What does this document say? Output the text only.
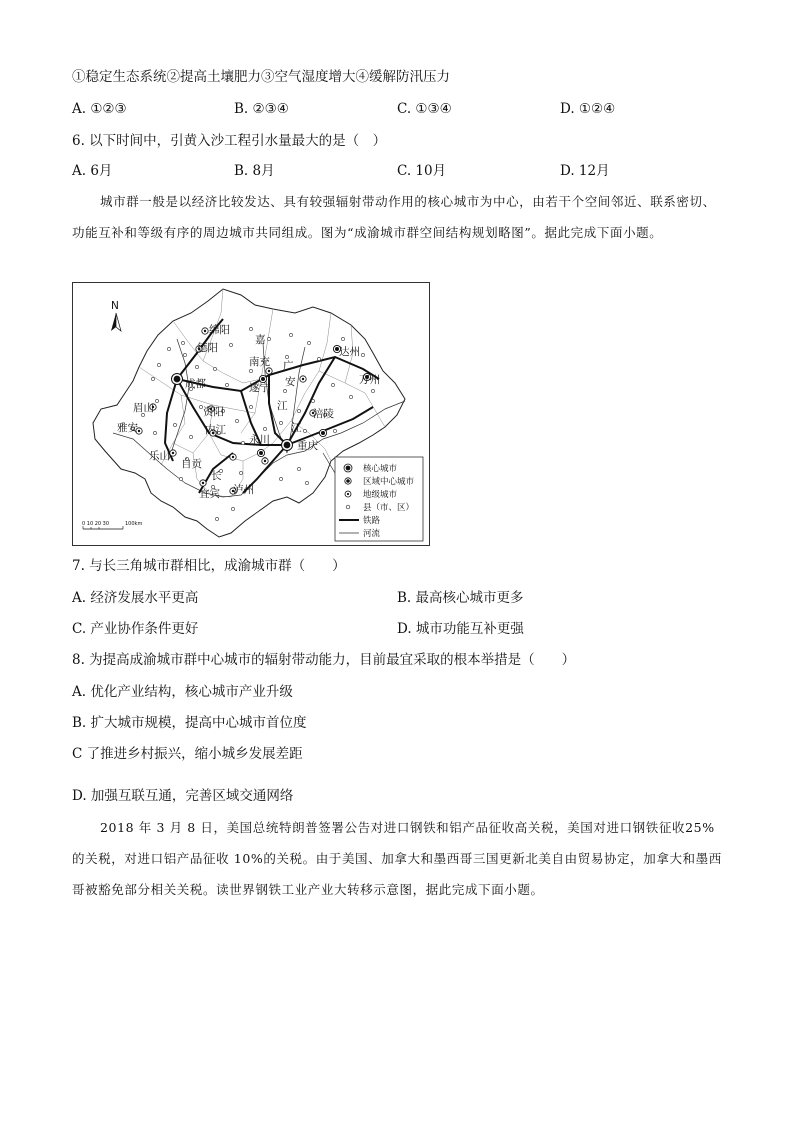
①稳定生态系统②提高土壤肥力③空气湿度增大④缓解防汛压力
A. ①②③	B. ②③④	C. ①③④	D. ①②④
6. 以下时间中，引黄入沙工程引水量最大的是（　）
A. 6月	B. 8月	C. 10月	D. 12月
城市群一般是以经济比较发达、具有较强辐射带动作用的核心城市为中心，由若干个空间邻近、联系密切、功能互补和等级有序的周边城市共同组成。图为“成渝城市群空间结构规划略图”。据此完成下面小题。
N
绵阳
德阳
嘉
南充
达州
成都	遂宁
广
安	万州
眉山	资阳	涪陵
雅安
江
内江	江
永川	重庆
乐山
自贡
长
宜宾 泸州
核心城市
区域中心城市
地级城市
县（市、区）
铁路
河流
0 10 20 30	100km
7. 与长三角城市群相比，成渝城市群（　　）
A. 经济发展水平更高	B. 最高核心城市更多
C. 产业协作条件更好	D. 城市功能互补更强
8. 为提高成渝城市群中心城市的辐射带动能力，目前最宜采取的根本举措是（　　）
A. 优化产业结构，核心城市产业升级
B. 扩大城市规模，提高中心城市首位度
C 了推进乡村振兴，缩小城乡发展差距
D. 加强互联互通，完善区域交通网络
2018 年 3 月 8 日，美国总统特朗普签署公告对进口钢铁和铝产品征收高关税，美国对进口钢铁征收25%的关税，对进口铝产品征收 10%的关税。由于美国、加拿大和墨西哥三国更新北美自由贸易协定，加拿大和墨西哥被豁免部分相关关税。读世界钢铁工业产业大转移示意图，据此完成下面小题。
